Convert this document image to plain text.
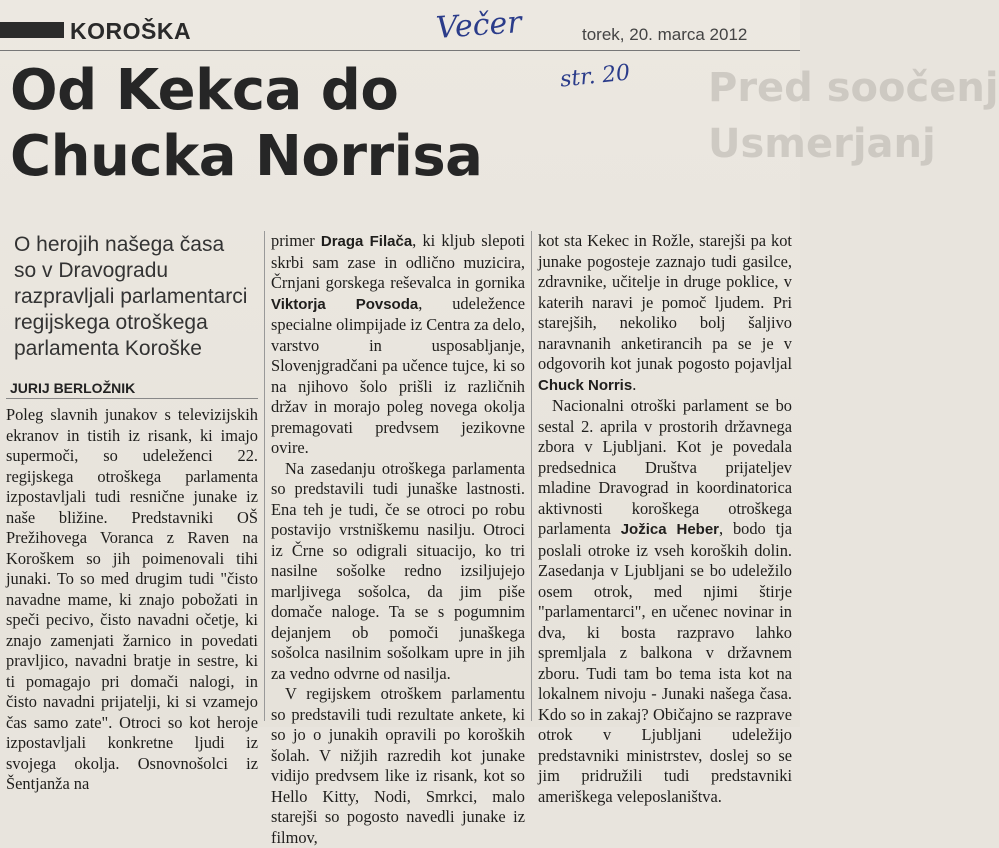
KOROŠKA	Večer	torek, 20. marca 2012
str. 20 Pred soočenj
Usmerjanj
Od Kekca do
Chucka Norrisa
O herojih našega časa so v Dravogradu razpravljali parlamentarci regijskega otroškega parlamenta Koroške
JURIJ BERLOŽNIK

Poleg slavnih junakov s televizijskih ekranov in tistih iz risank, ki imajo supermoči, so udeleženci 22. regijskega otroškega parlamenta izpostavljali tudi resnične junake iz naše bližine. Predstavniki OŠ Prežihovega Voranca z Raven na Koroškem so jih poimenovali tihi junaki. To so med drugim tudi "čisto navadne mame, ki znajo pobožati in speči pecivo, čisto navadni očetje, ki znajo zamenjati žarnico in povedati pravljico, navadni bratje in sestre, ki ti pomagajo pri domači nalogi, in čisto navadni prijatelji, ki si vzamejo čas samo zate". Otroci so kot heroje izpostavljali konkretne ljudi iz svojega okolja. Osnovnošolci iz Šentjanža na

primer Draga Filača, ki kljub slepoti skrbi sam zase in odlično muzicira, Črnjani gorskega reševalca in gornika Viktorja Povsoda, udeležence specialne olimpijade iz Centra za delo, varstvo in usposabljanje, Slovenjgradčani pa učence tujce, ki so na njihovo šolo prišli iz različnih držav in morajo poleg novega okolja premagovati predvsem jezikovne ovire.

Na zasedanju otroškega parlamenta so predstavili tudi junaške lastnosti. Ena teh je tudi, če se otroci po robu postavijo vrstniškemu nasilju. Otroci iz Črne so odigrali situacijo, ko tri nasilne sošolke redno izsiljujejo marljivega sošolca, da jim piše domače naloge. Ta se s pogumnim dejanjem ob pomoči junaškega sošolca nasilnim sošolkam upre in jih za vedno odvrne od nasilja.

V regijskem otroškem parlamentu so predstavili tudi rezultate ankete, ki so jo o junakih opravili po koroških šolah. V nižjih razredih kot junake vidijo predvsem like iz risank, kot so Hello Kitty, Nodi, Smrkci, malo starejši so pogosto navedli junake iz filmov,

kot sta Kekec in Rožle, starejši pa kot junake pogosteje zaznajo tudi gasilce, zdravnike, učitelje in druge poklice, v katerih naravi je pomoč ljudem. Pri starejših, nekoliko bolj šaljivo naravnanih anketirancih pa se je v odgovorih kot junak pogosto pojavljal Chuck Norris.

Nacionalni otroški parlament se bo sestal 2. aprila v prostorih državnega zbora v Ljubljani. Kot je povedala predsednica Društva prijateljev mladine Dravograd in koordinatorica aktivnosti koroškega otroškega parlamenta Jožica Heber, bodo tja poslali otroke iz vseh koroških dolin. Zasedanja v Ljubljani se bo udeležilo osem otrok, med njimi štirje "parlamentarci", en učenec novinar in dva, ki bosta razpravo lahko spremljala z balkona v državnem zboru. Tudi tam bo tema ista kot na lokalnem nivoju - Junaki našega časa. Kdo so in zakaj? Običajno se razprave otrok v Ljubljani udeležijo predstavniki ministrstev, doslej so se jim pridružili tudi predstavniki ameriškega veleposlaništva.
